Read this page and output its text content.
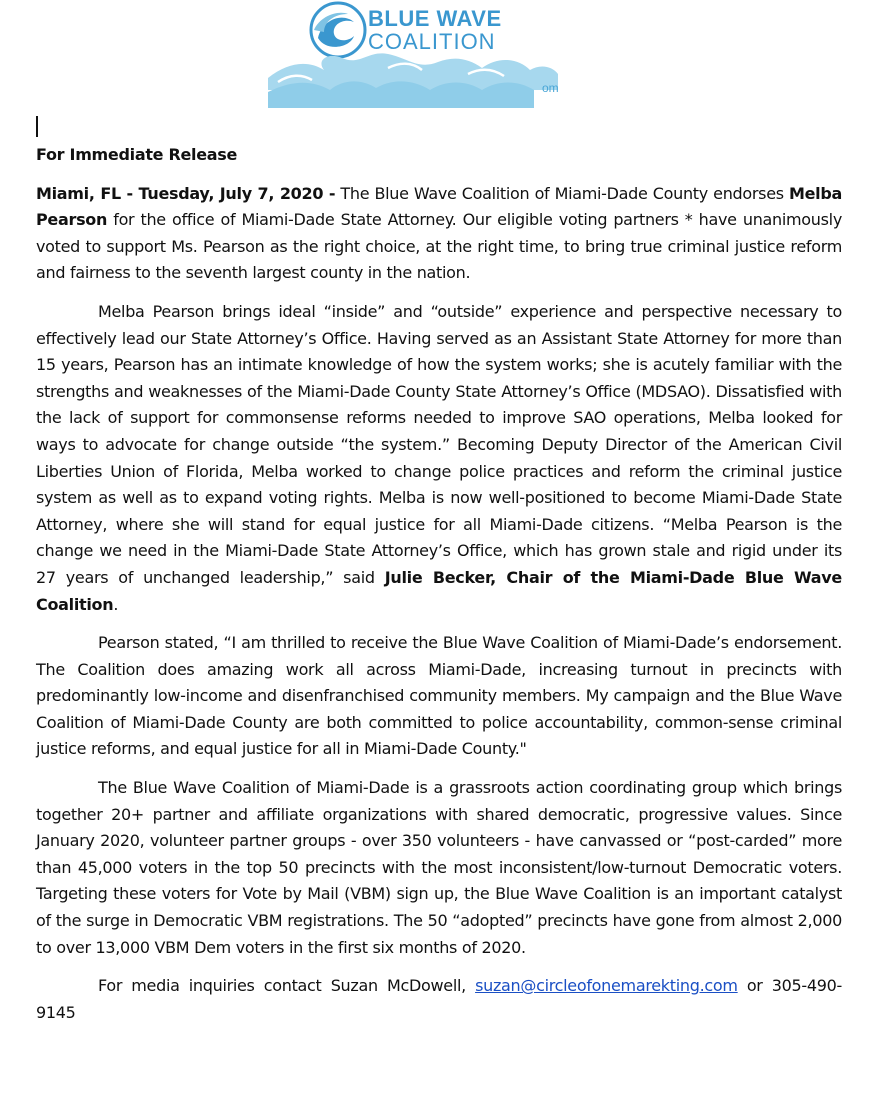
BLUE WAVE
COALITION
om

For Immediate Release

Miami, FL - Tuesday, July 7, 2020 - The Blue Wave Coalition of Miami-Dade County endorses Melba Pearson for the office of Miami-Dade State Attorney. Our eligible voting partners * have unanimously voted to support Ms. Pearson as the right choice, at the right time, to bring true criminal justice reform and fairness to the seventh largest county in the nation.

Melba Pearson brings ideal “inside” and “outside” experience and perspective necessary to effectively lead our State Attorney’s Office. Having served as an Assistant State Attorney for more than 15 years, Pearson has an intimate knowledge of how the system works; she is acutely familiar with the strengths and weaknesses of the Miami-Dade County State Attorney’s Office (MDSAO). Dissatisfied with the lack of support for commonsense reforms needed to improve SAO operations, Melba looked for ways to advocate for change outside “the system.” Becoming Deputy Director of the American Civil Liberties Union of Florida, Melba worked to change police practices and reform the criminal justice system as well as to expand voting rights. Melba is now well-positioned to become Miami-Dade State Attorney, where she will stand for equal justice for all Miami-Dade citizens. “Melba Pearson is the change we need in the Miami-Dade State Attorney’s Office, which has grown stale and rigid under its 27 years of unchanged leadership,” said Julie Becker, Chair of the Miami-Dade Blue Wave Coalition.

Pearson stated, “I am thrilled to receive the Blue Wave Coalition of Miami-Dade’s endorsement. The Coalition does amazing work all across Miami-Dade, increasing turnout in precincts with predominantly low-income and disenfranchised community members. My campaign and the Blue Wave Coalition of Miami-Dade County are both committed to police accountability, common-sense criminal justice reforms, and equal justice for all in Miami-Dade County."

The Blue Wave Coalition of Miami-Dade is a grassroots action coordinating group which brings together 20+ partner and affiliate organizations with shared democratic, progressive values. Since January 2020, volunteer partner groups - over 350 volunteers - have canvassed or “post-carded” more than 45,000 voters in the top 50 precincts with the most inconsistent/low-turnout Democratic voters. Targeting these voters for Vote by Mail (VBM) sign up, the Blue Wave Coalition is an important catalyst of the surge in Democratic VBM registrations. The 50 “adopted” precincts have gone from almost 2,000 to over 13,000 VBM Dem voters in the first six months of 2020.

For media inquiries contact Suzan McDowell, suzan@circleofonemarekting.com or 305-490-9145
